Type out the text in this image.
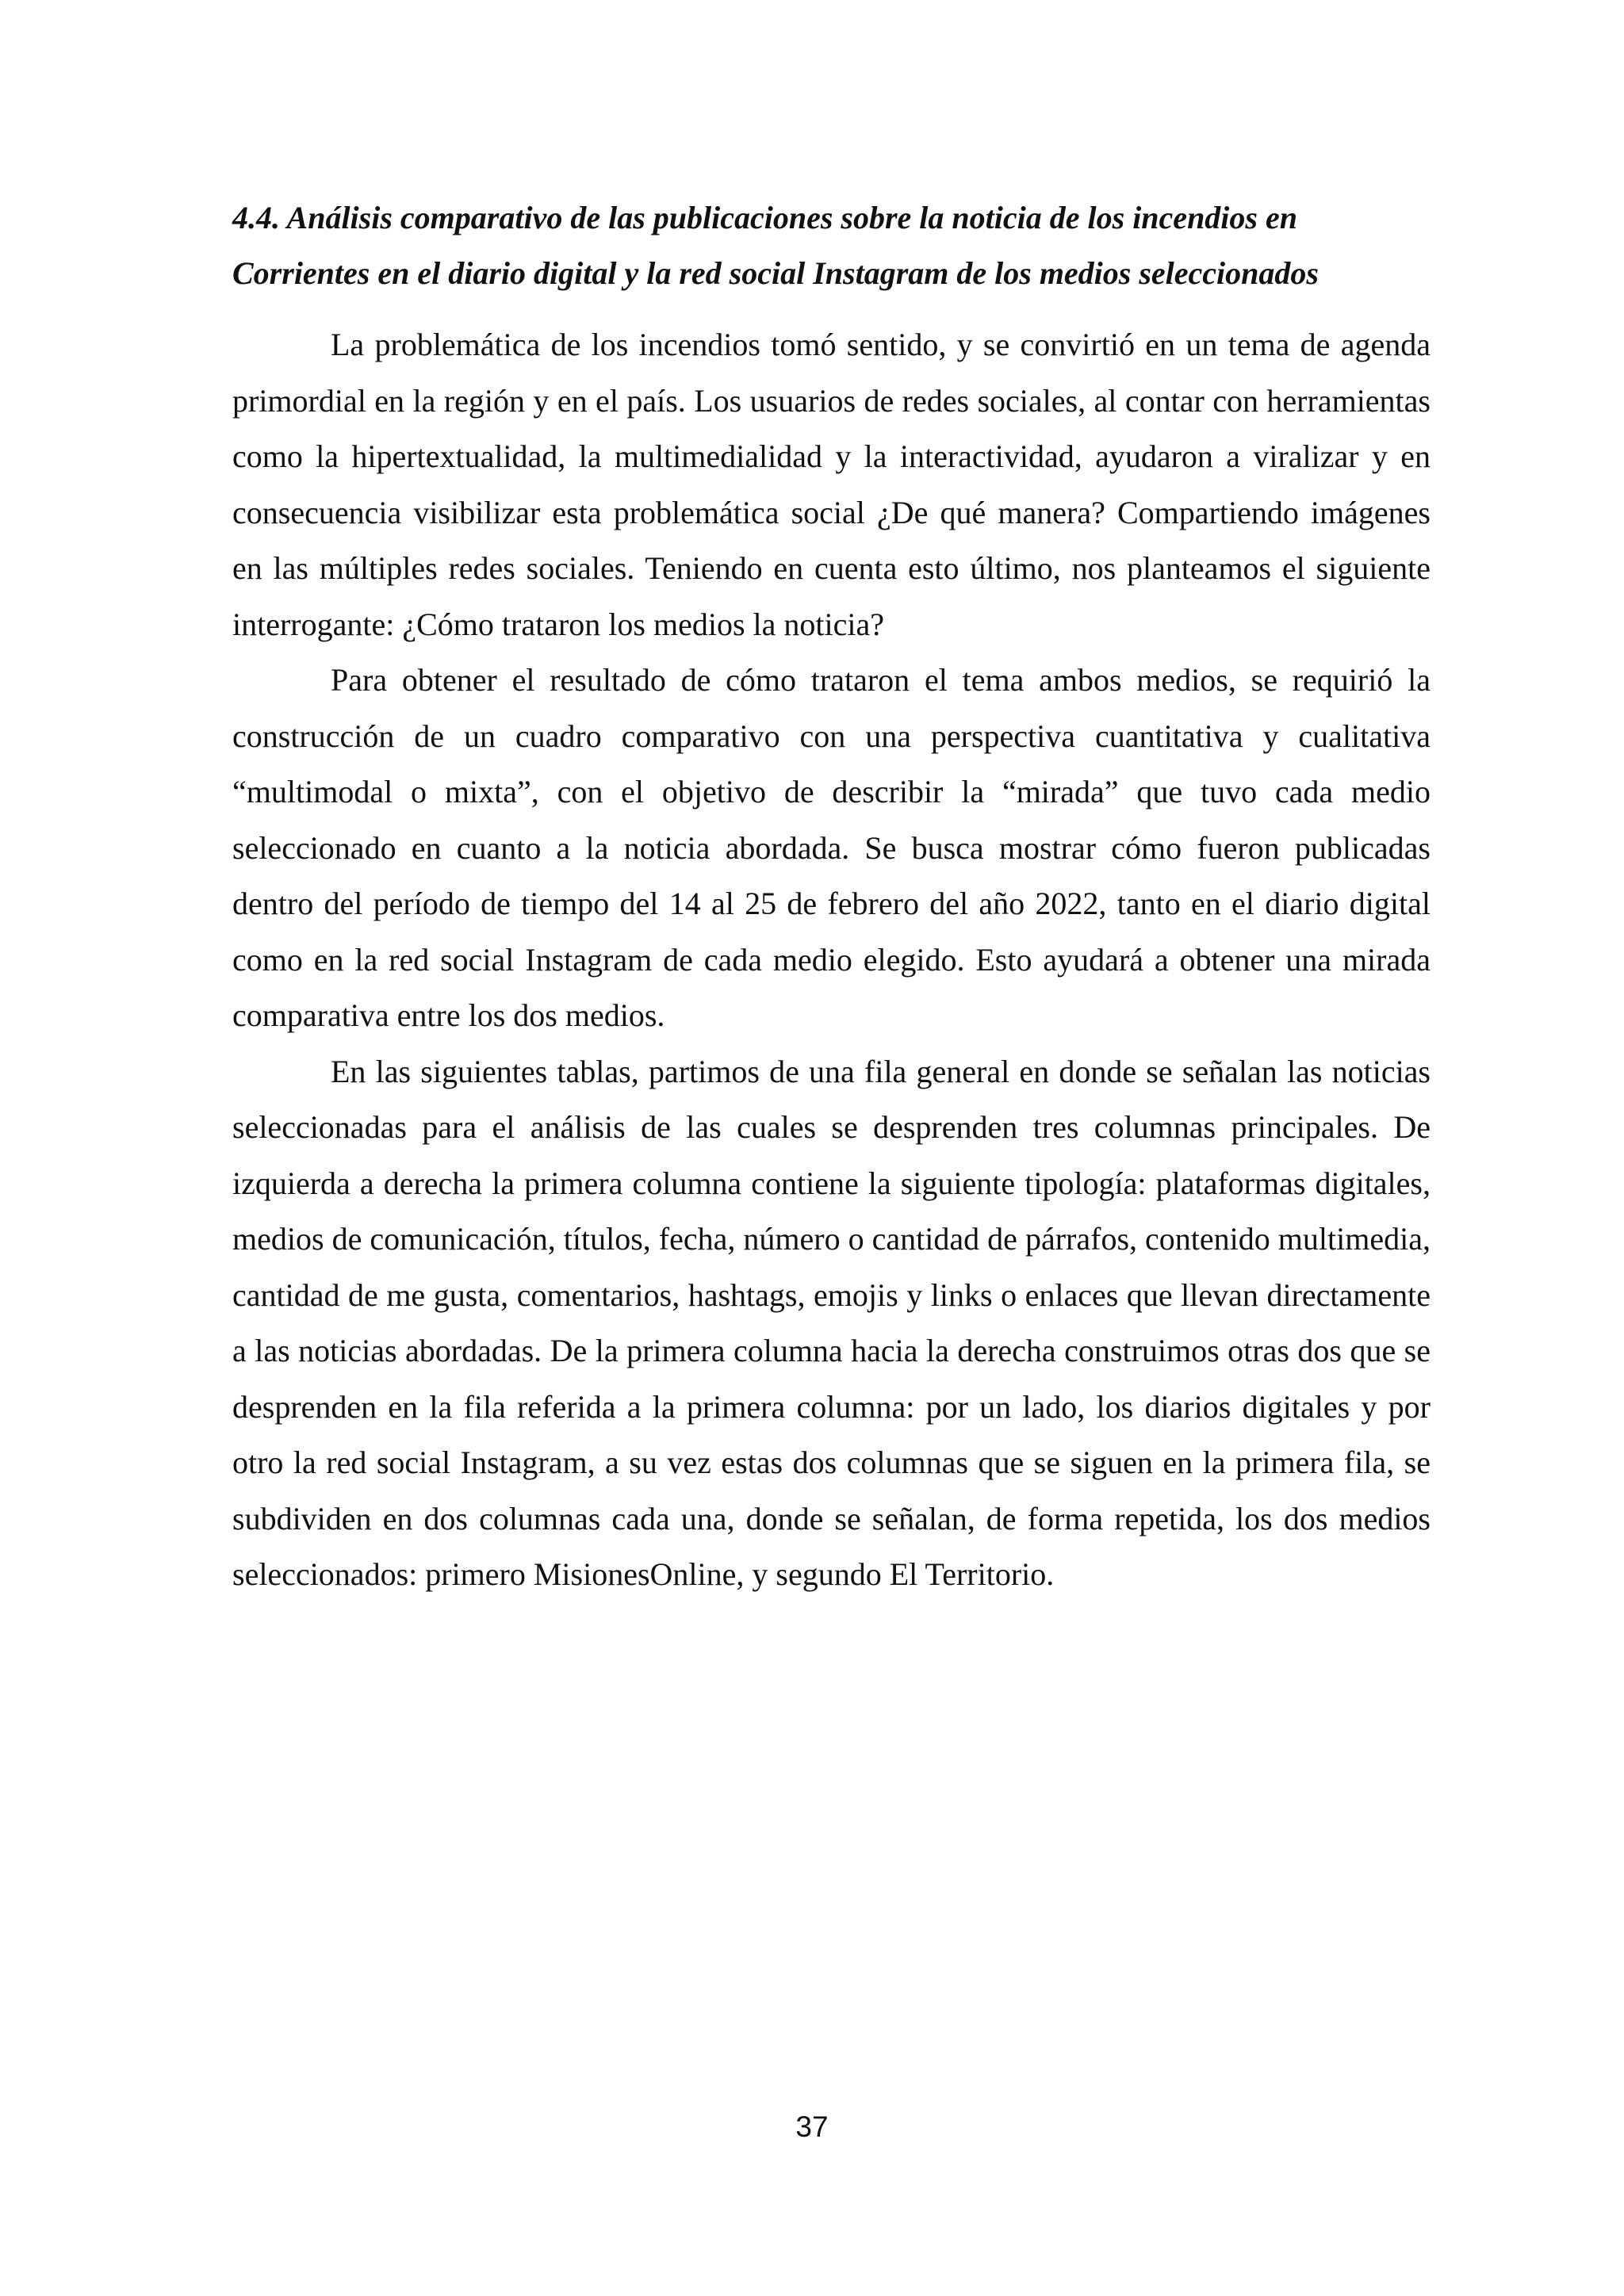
4.4. Análisis comparativo de las publicaciones sobre la noticia de los incendios en Corrientes en el diario digital y la red social Instagram de los medios seleccionados

La problemática de los incendios tomó sentido, y se convirtió en un tema de agenda primordial en la región y en el país. Los usuarios de redes sociales, al contar con herramientas como la hipertextualidad, la multimedialidad y la interactividad, ayudaron a viralizar y en consecuencia visibilizar esta problemática social ¿De qué manera? Compartiendo imágenes en las múltiples redes sociales. Teniendo en cuenta esto último, nos planteamos el siguiente interrogante: ¿Cómo trataron los medios la noticia?

Para obtener el resultado de cómo trataron el tema ambos medios, se requirió la construcción de un cuadro comparativo con una perspectiva cuantitativa y cualitativa “multimodal o mixta”, con el objetivo de describir la “mirada” que tuvo cada medio seleccionado en cuanto a la noticia abordada. Se busca mostrar cómo fueron publicadas dentro del período de tiempo del 14 al 25 de febrero del año 2022, tanto en el diario digital como en la red social Instagram de cada medio elegido. Esto ayudará a obtener una mirada comparativa entre los dos medios.

En las siguientes tablas, partimos de una fila general en donde se señalan las noticias seleccionadas para el análisis de las cuales se desprenden tres columnas principales. De izquierda a derecha la primera columna contiene la siguiente tipología: plataformas digitales, medios de comunicación, títulos, fecha, número o cantidad de párrafos, contenido multimedia, cantidad de me gusta, comentarios, hashtags, emojis y links o enlaces que llevan directamente a las noticias abordadas. De la primera columna hacia la derecha construimos otras dos que se desprenden en la fila referida a la primera columna: por un lado, los diarios digitales y por otro la red social Instagram, a su vez estas dos columnas que se siguen en la primera fila, se subdividen en dos columnas cada una, donde se señalan, de forma repetida, los dos medios seleccionados: primero MisionesOnline, y segundo El Territorio.

37
